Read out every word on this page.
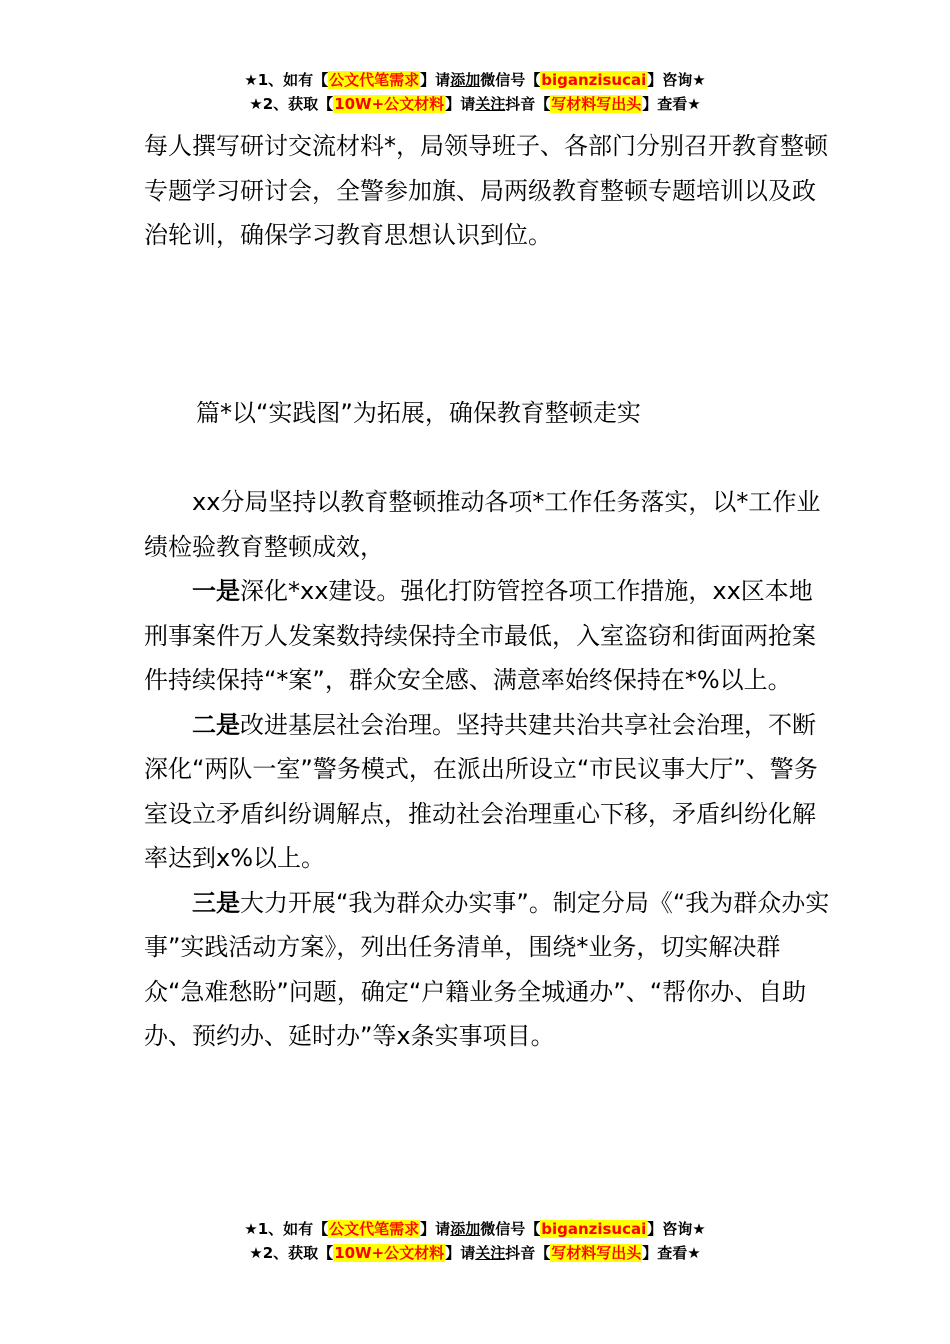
★1、如有【公文代笔需求】请添加微信号【biganzisucai】咨询★
★2、获取【10W+公文材料】请关注抖音【写材料写出头】查看★

每人撰写研讨交流材料*，局领导班子、各部门分别召开教育整顿专题学习研讨会，全警参加旗、局两级教育整顿专题培训以及政治轮训，确保学习教育思想认识到位。

篇*以“实践图”为拓展，确保教育整顿走实

xx分局坚持以教育整顿推动各项*工作任务落实，以*工作业绩检验教育整顿成效，

一是深化*xx建设。强化打防管控各项工作措施，xx区本地刑事案件万人发案数持续保持全市最低，入室盗窃和街面两抢案件持续保持“*案”，群众安全感、满意率始终保持在*%以上。

二是改进基层社会治理。坚持共建共治共享社会治理，不断深化“两队一室”警务模式，在派出所设立“市民议事大厅”、警务室设立矛盾纠纷调解点，推动社会治理重心下移，矛盾纠纷化解率达到x%以上。

三是大力开展“我为群众办实事”。制定分局《“我为群众办实事”实践活动方案》，列出任务清单，围绕*业务，切实解决群众“急难愁盼”问题，确定“户籍业务全城通办”、“帮你办、自助办、预约办、延时办”等x条实事项目。

★1、如有【公文代笔需求】请添加微信号【biganzisucai】咨询★
★2、获取【10W+公文材料】请关注抖音【写材料写出头】查看★
